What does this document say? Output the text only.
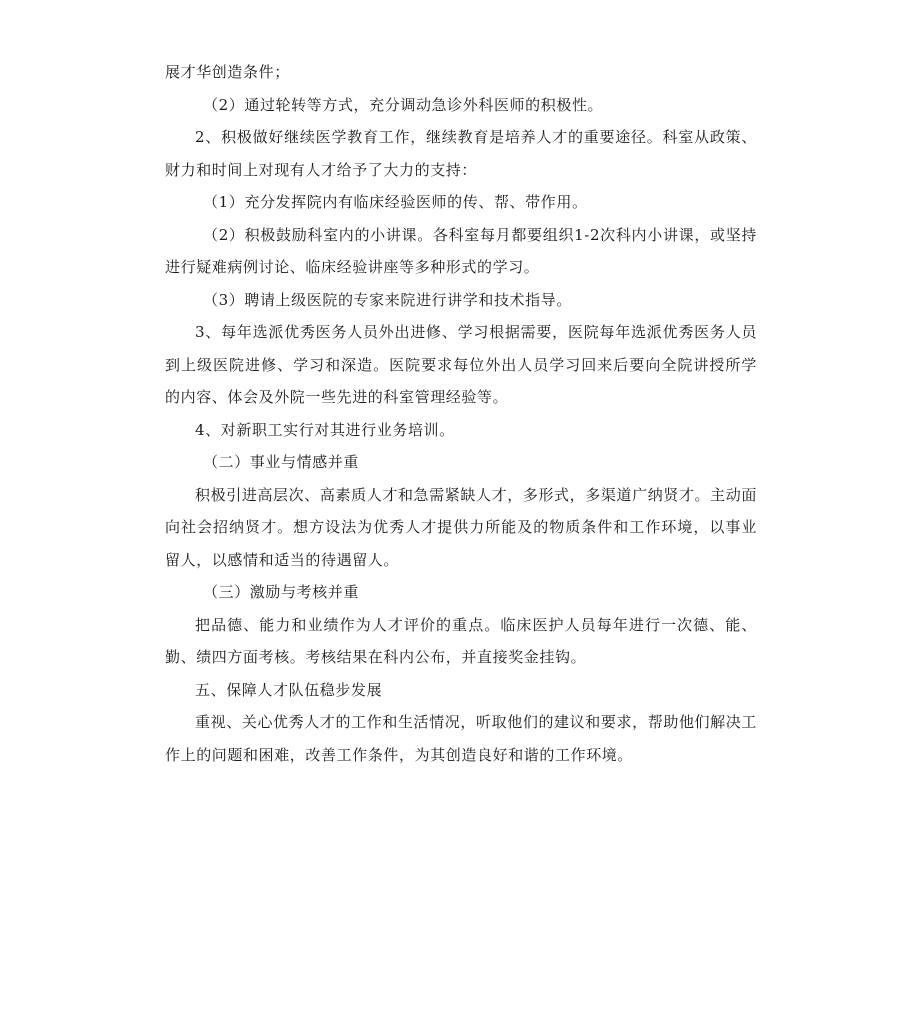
展才华创造条件；

（2）通过轮转等方式，充分调动急诊外科医师的积极性。

2、积极做好继续医学教育工作，继续教育是培养人才的重要途径。科室从政策、财力和时间上对现有人才给予了大力的支持：

（1）充分发挥院内有临床经验医师的传、帮、带作用。

（2）积极鼓励科室内的小讲课。各科室每月都要组织1-2次科内小讲课，或坚持进行疑难病例讨论、临床经验讲座等多种形式的学习。

（3）聘请上级医院的专家来院进行讲学和技术指导。

3、每年选派优秀医务人员外出进修、学习根据需要，医院每年选派优秀医务人员到上级医院进修、学习和深造。医院要求每位外出人员学习回来后要向全院讲授所学的内容、体会及外院一些先进的科室管理经验等。

4、对新职工实行对其进行业务培训。

（二）事业与情感并重

积极引进高层次、高素质人才和急需紧缺人才，多形式，多渠道广纳贤才。主动面向社会招纳贤才。想方设法为优秀人才提供力所能及的物质条件和工作环境，以事业留人，以感情和适当的待遇留人。

（三）激励与考核并重

把品德、能力和业绩作为人才评价的重点。临床医护人员每年进行一次德、能、勤、绩四方面考核。考核结果在科内公布，并直接奖金挂钩。

五、保障人才队伍稳步发展

重视、关心优秀人才的工作和生活情况，听取他们的建议和要求，帮助他们解决工作上的问题和困难，改善工作条件，为其创造良好和谐的工作环境。
